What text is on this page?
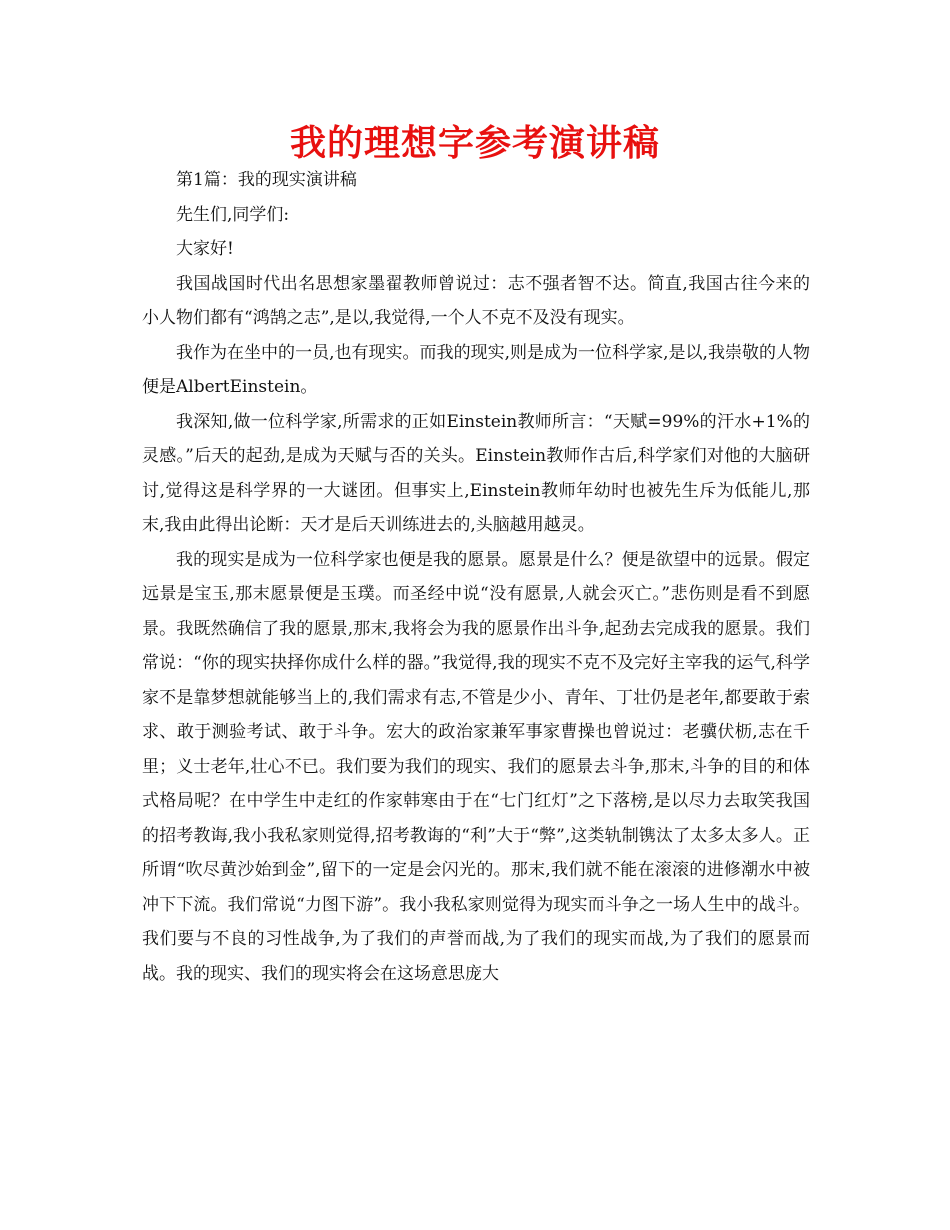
我的理想字参考演讲稿

第1篇：我的现实演讲稿

先生们,同学们:

大家好!

我国战国时代出名思想家墨翟教师曾说过：志不强者智不达。简直,我国古往今来的小人物们都有“鸿鹄之志”,是以,我觉得,一个人不克不及没有现实。

我作为在坐中的一员,也有现实。而我的现实,则是成为一位科学家,是以,我崇敬的人物便是AlbertEinstein。

我深知,做一位科学家,所需求的正如Einstein教师所言：“天赋=99%的汗水+1%的灵感。”后天的起劲,是成为天赋与否的关头。Einstein教师作古后,科学家们对他的大脑研讨,觉得这是科学界的一大谜团。但事实上,Einstein教师年幼时也被先生斥为低能儿,那末,我由此得出论断：天才是后天训练进去的,头脑越用越灵。

我的现实是成为一位科学家也便是我的愿景。愿景是什么？便是欲望中的远景。假定远景是宝玉,那末愿景便是玉璞。而圣经中说“没有愿景,人就会灭亡。”悲伤则是看不到愿景。我既然确信了我的愿景,那末,我将会为我的愿景作出斗争,起劲去完成我的愿景。我们常说：“你的现实抉择你成什么样的器。”我觉得,我的现实不克不及完好主宰我的运气,科学家不是靠梦想就能够当上的,我们需求有志,不管是少小、青年、丁壮仍是老年,都要敢于索求、敢于测验考试、敢于斗争。宏大的政治家兼军事家曹操也曾说过：老骥伏枥,志在千里；义士老年,壮心不已。我们要为我们的现实、我们的愿景去斗争,那末,斗争的目的和体式格局呢？在中学生中走红的作家韩寒由于在“七门红灯”之下落榜,是以尽力去取笑我国的招考教诲,我小我私家则觉得,招考教诲的“利”大于“弊”,这类轨制镌汰了太多太多人。正所谓“吹尽黄沙始到金”,留下的一定是会闪光的。那末,我们就不能在滚滚的进修潮水中被冲下下流。我们常说“力图下游”。我小我私家则觉得为现实而斗争之一场人生中的战斗。我们要与不良的习性战争,为了我们的声誉而战,为了我们的现实而战,为了我们的愿景而战。我的现实、我们的现实将会在这场意思庞大
